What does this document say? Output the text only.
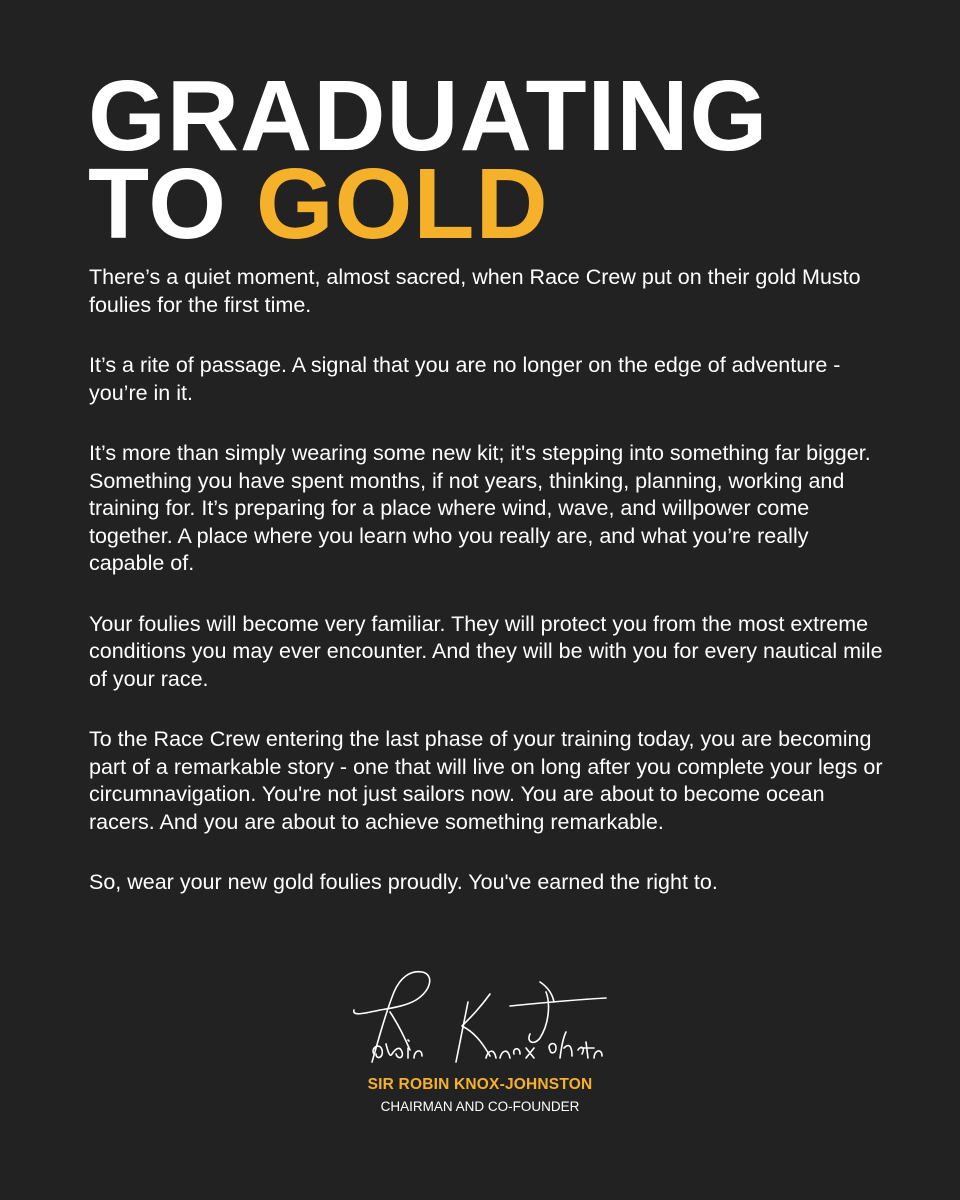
GRADUATING
TO GOLD

There’s a quiet moment, almost sacred, when Race Crew put on their gold Musto foulies for the first time.

It’s a rite of passage. A signal that you are no longer on the edge of adventure - you’re in it.

It’s more than simply wearing some new kit; it's stepping into something far bigger. Something you have spent months, if not years, thinking, planning, working and training for. It’s preparing for a place where wind, wave, and willpower come together. A place where you learn who you really are, and what you’re really capable of.

Your foulies will become very familiar. They will protect you from the most extreme conditions you may ever encounter. And they will be with you for every nautical mile of your race.

To the Race Crew entering the last phase of your training today, you are becoming part of a remarkable story - one that will live on long after you complete your legs or circumnavigation. You're not just sailors now. You are about to become ocean racers. And you are about to achieve something remarkable.

So, wear your new gold foulies proudly. You've earned the right to.

SIR ROBIN KNOX-JOHNSTON
CHAIRMAN AND CO-FOUNDER
